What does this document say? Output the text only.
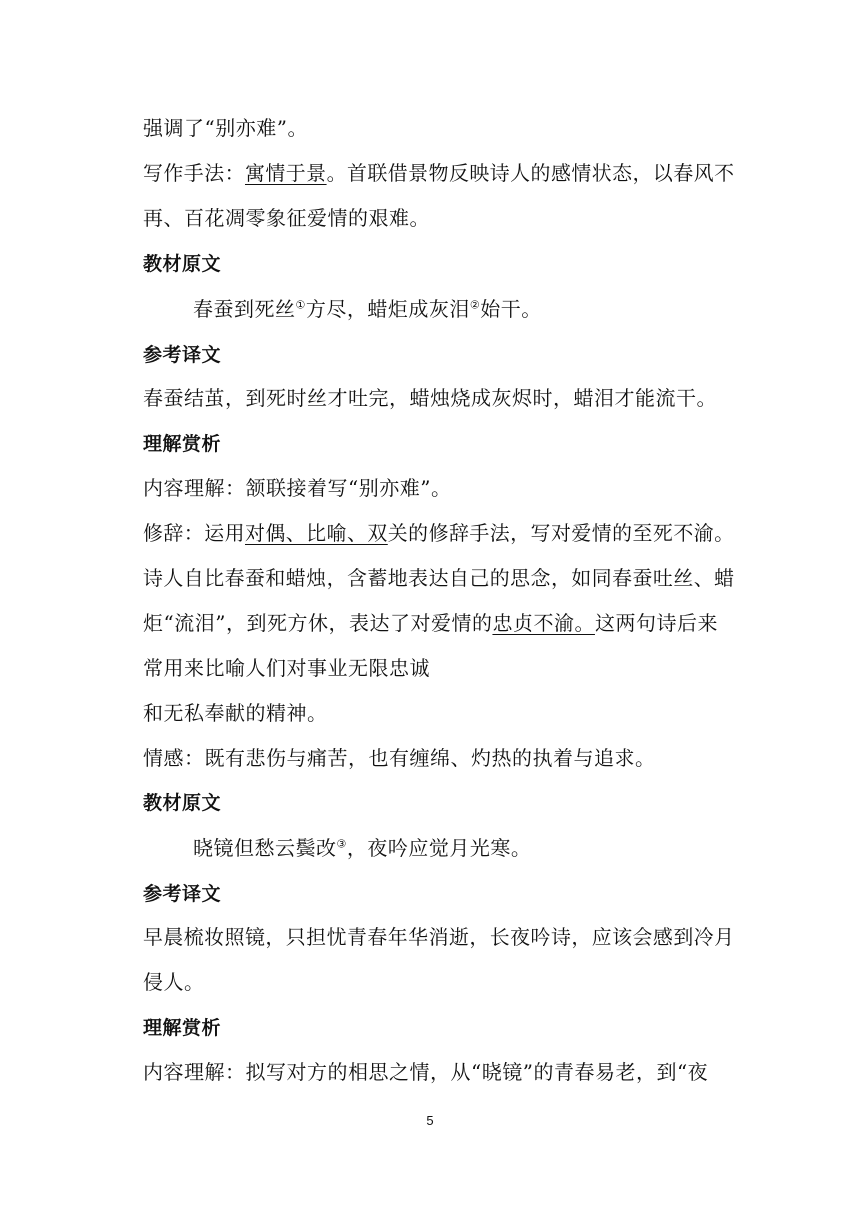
强调了“别亦难”。
写作手法：寓情于景。首联借景物反映诗人的感情状态，以春风不
再、百花凋零象征爱情的艰难。
教材原文
春蚕到死丝①方尽，蜡炬成灰泪②始干。
参考译文
春蚕结茧，到死时丝才吐完，蜡烛烧成灰烬时，蜡泪才能流干。
理解赏析
内容理解：颔联接着写“别亦难”。
修辞：运用对偶、比喻、双关的修辞手法，写对爱情的至死不渝。
诗人自比春蚕和蜡烛，含蓄地表达自己的思念，如同春蚕吐丝、蜡
炬“流泪”，到死方休，表达了对爱情的忠贞不渝。这两句诗后来
常用来比喻人们对事业无限忠诚
和无私奉献的精神。
情感：既有悲伤与痛苦，也有缠绵、灼热的执着与追求。
教材原文
晓镜但愁云鬓改③，夜吟应觉月光寒。
参考译文
早晨梳妆照镜，只担忧青春年华消逝，长夜吟诗，应该会感到冷月
侵人。
理解赏析
内容理解：拟写对方的相思之情，从“晓镜”的青春易老，到“夜
5
